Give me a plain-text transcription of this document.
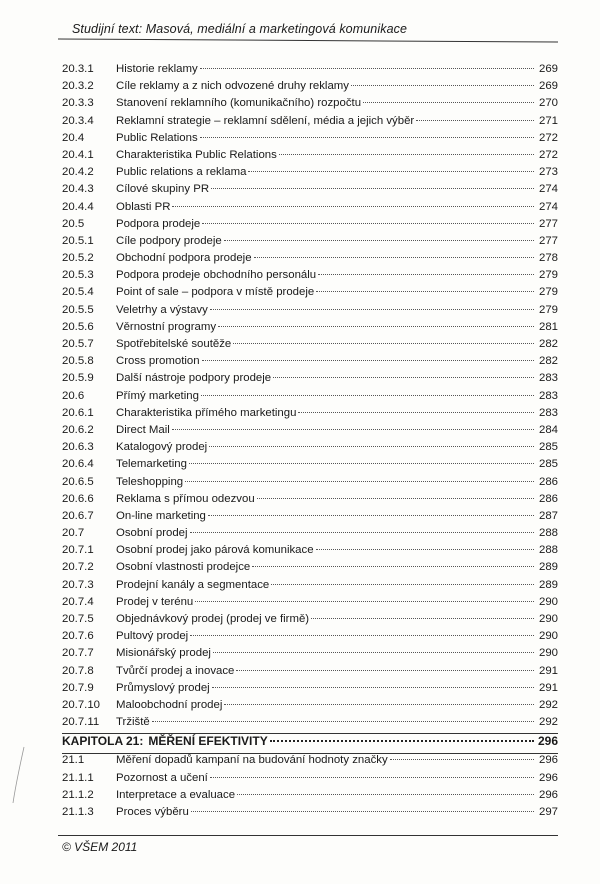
Studijní text: Masová, mediální a marketingová komunikace
20.3.1	Historie reklamy	269
20.3.2	Cíle reklamy a z nich odvozené druhy reklamy	269
20.3.3	Stanovení reklamního (komunikačního) rozpočtu	270
20.3.4	Reklamní strategie – reklamní sdělení, média a jejich výběr	271
20.4	Public Relations	272
20.4.1	Charakteristika Public Relations	272
20.4.2	Public relations a reklama	273
20.4.3	Cílové skupiny PR	274
20.4.4	Oblasti PR	274
20.5	Podpora prodeje	277
20.5.1	Cíle podpory prodeje	277
20.5.2	Obchodní podpora prodeje	278
20.5.3	Podpora prodeje obchodního personálu	279
20.5.4	Point of sale – podpora v místě prodeje	279
20.5.5	Veletrhy a výstavy	279
20.5.6	Věrnostní programy	281
20.5.7	Spotřebitelské soutěže	282
20.5.8	Cross promotion	282
20.5.9	Další nástroje podpory prodeje	283
20.6	Přímý marketing	283
20.6.1	Charakteristika přímého marketingu	283
20.6.2	Direct Mail	284
20.6.3	Katalogový prodej	285
20.6.4	Telemarketing	285
20.6.5	Teleshopping	286
20.6.6	Reklama s přímou odezvou	286
20.6.7	On-line marketing	287
20.7	Osobní prodej	288
20.7.1	Osobní prodej jako párová komunikace	288
20.7.2	Osobní vlastnosti prodejce	289
20.7.3	Prodejní kanály a segmentace	289
20.7.4	Prodej v terénu	290
20.7.5	Objednávkový prodej (prodej ve firmě)	290
20.7.6	Pultový prodej	290
20.7.7	Misionářský prodej	290
20.7.8	Tvůrčí prodej a inovace	291
20.7.9	Průmyslový prodej	291
20.7.10	Maloobchodní prodej	292
20.7.11	Tržiště	292
KAPITOLA 21: MĚŘENÍ EFEKTIVITY	296
21.1	Měření dopadů kampaní na budování hodnoty značky	296
21.1.1	Pozornost a učení	296
21.1.2	Interpretace a evaluace	296
21.1.3	Proces výběru	297
© VŠEM 2011
